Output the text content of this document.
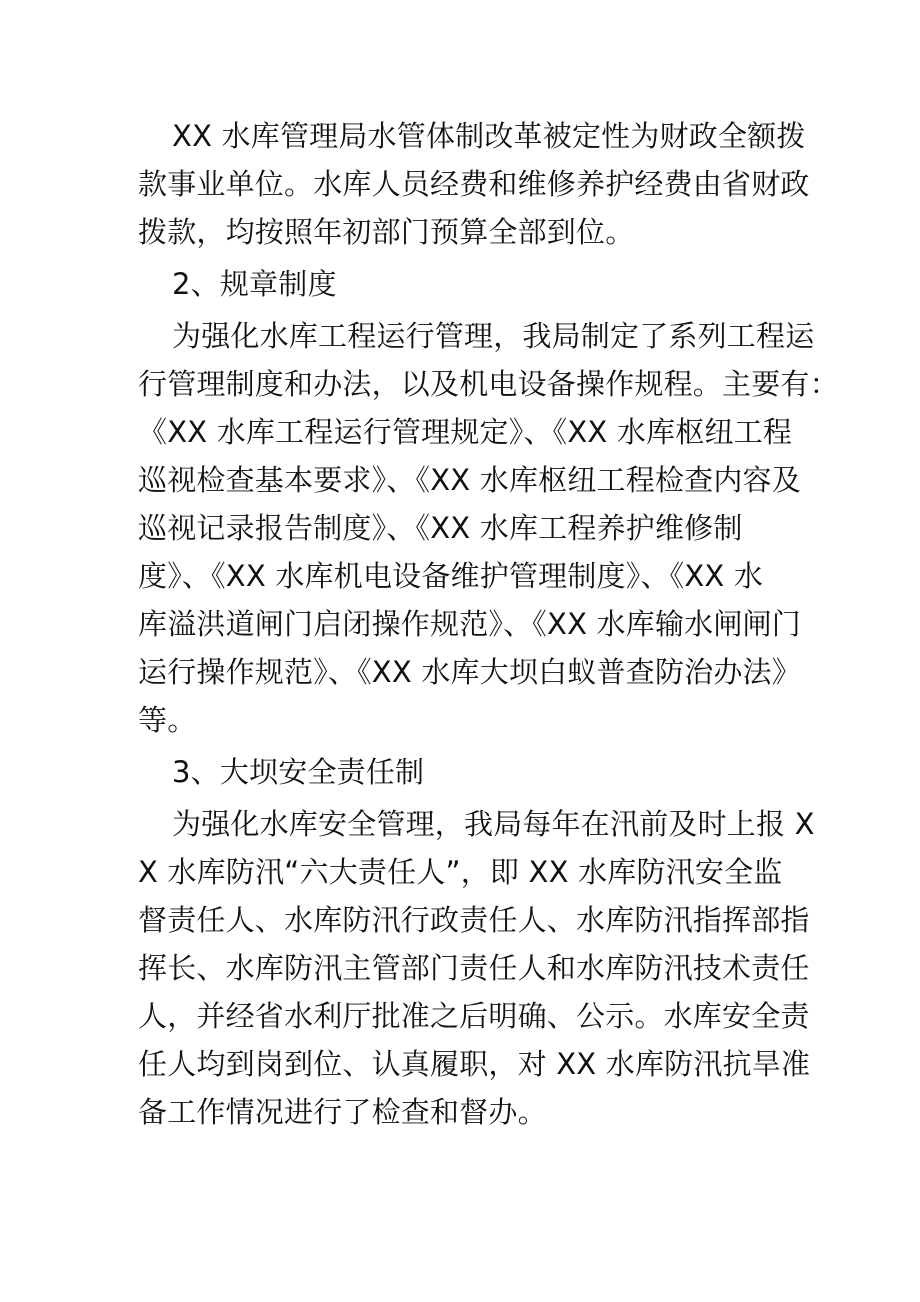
XX 水库管理局水管体制改革被定性为财政全额拨
款事业单位。水库人员经费和维修养护经费由省财政
拨款，均按照年初部门预算全部到位。
2、规章制度
为强化水库工程运行管理，我局制定了系列工程运
行管理制度和办法，以及机电设备操作规程。主要有：
《XX 水库工程运行管理规定》、《XX 水库枢纽工程
巡视检查基本要求》、《XX 水库枢纽工程检查内容及
巡视记录报告制度》、《XX 水库工程养护维修制
度》、《XX 水库机电设备维护管理制度》、《XX 水
库溢洪道闸门启闭操作规范》、《XX 水库输水闸闸门
运行操作规范》、《XX 水库大坝白蚁普查防治办法》
等。
3、大坝安全责任制
为强化水库安全管理，我局每年在汛前及时上报 X
X 水库防汛“六大责任人”，即 XX 水库防汛安全监
督责任人、水库防汛行政责任人、水库防汛指挥部指
挥长、水库防汛主管部门责任人和水库防汛技术责任
人，并经省水利厅批准之后明确、公示。水库安全责
任人均到岗到位、认真履职，对 XX 水库防汛抗旱准
备工作情况进行了检查和督办。
